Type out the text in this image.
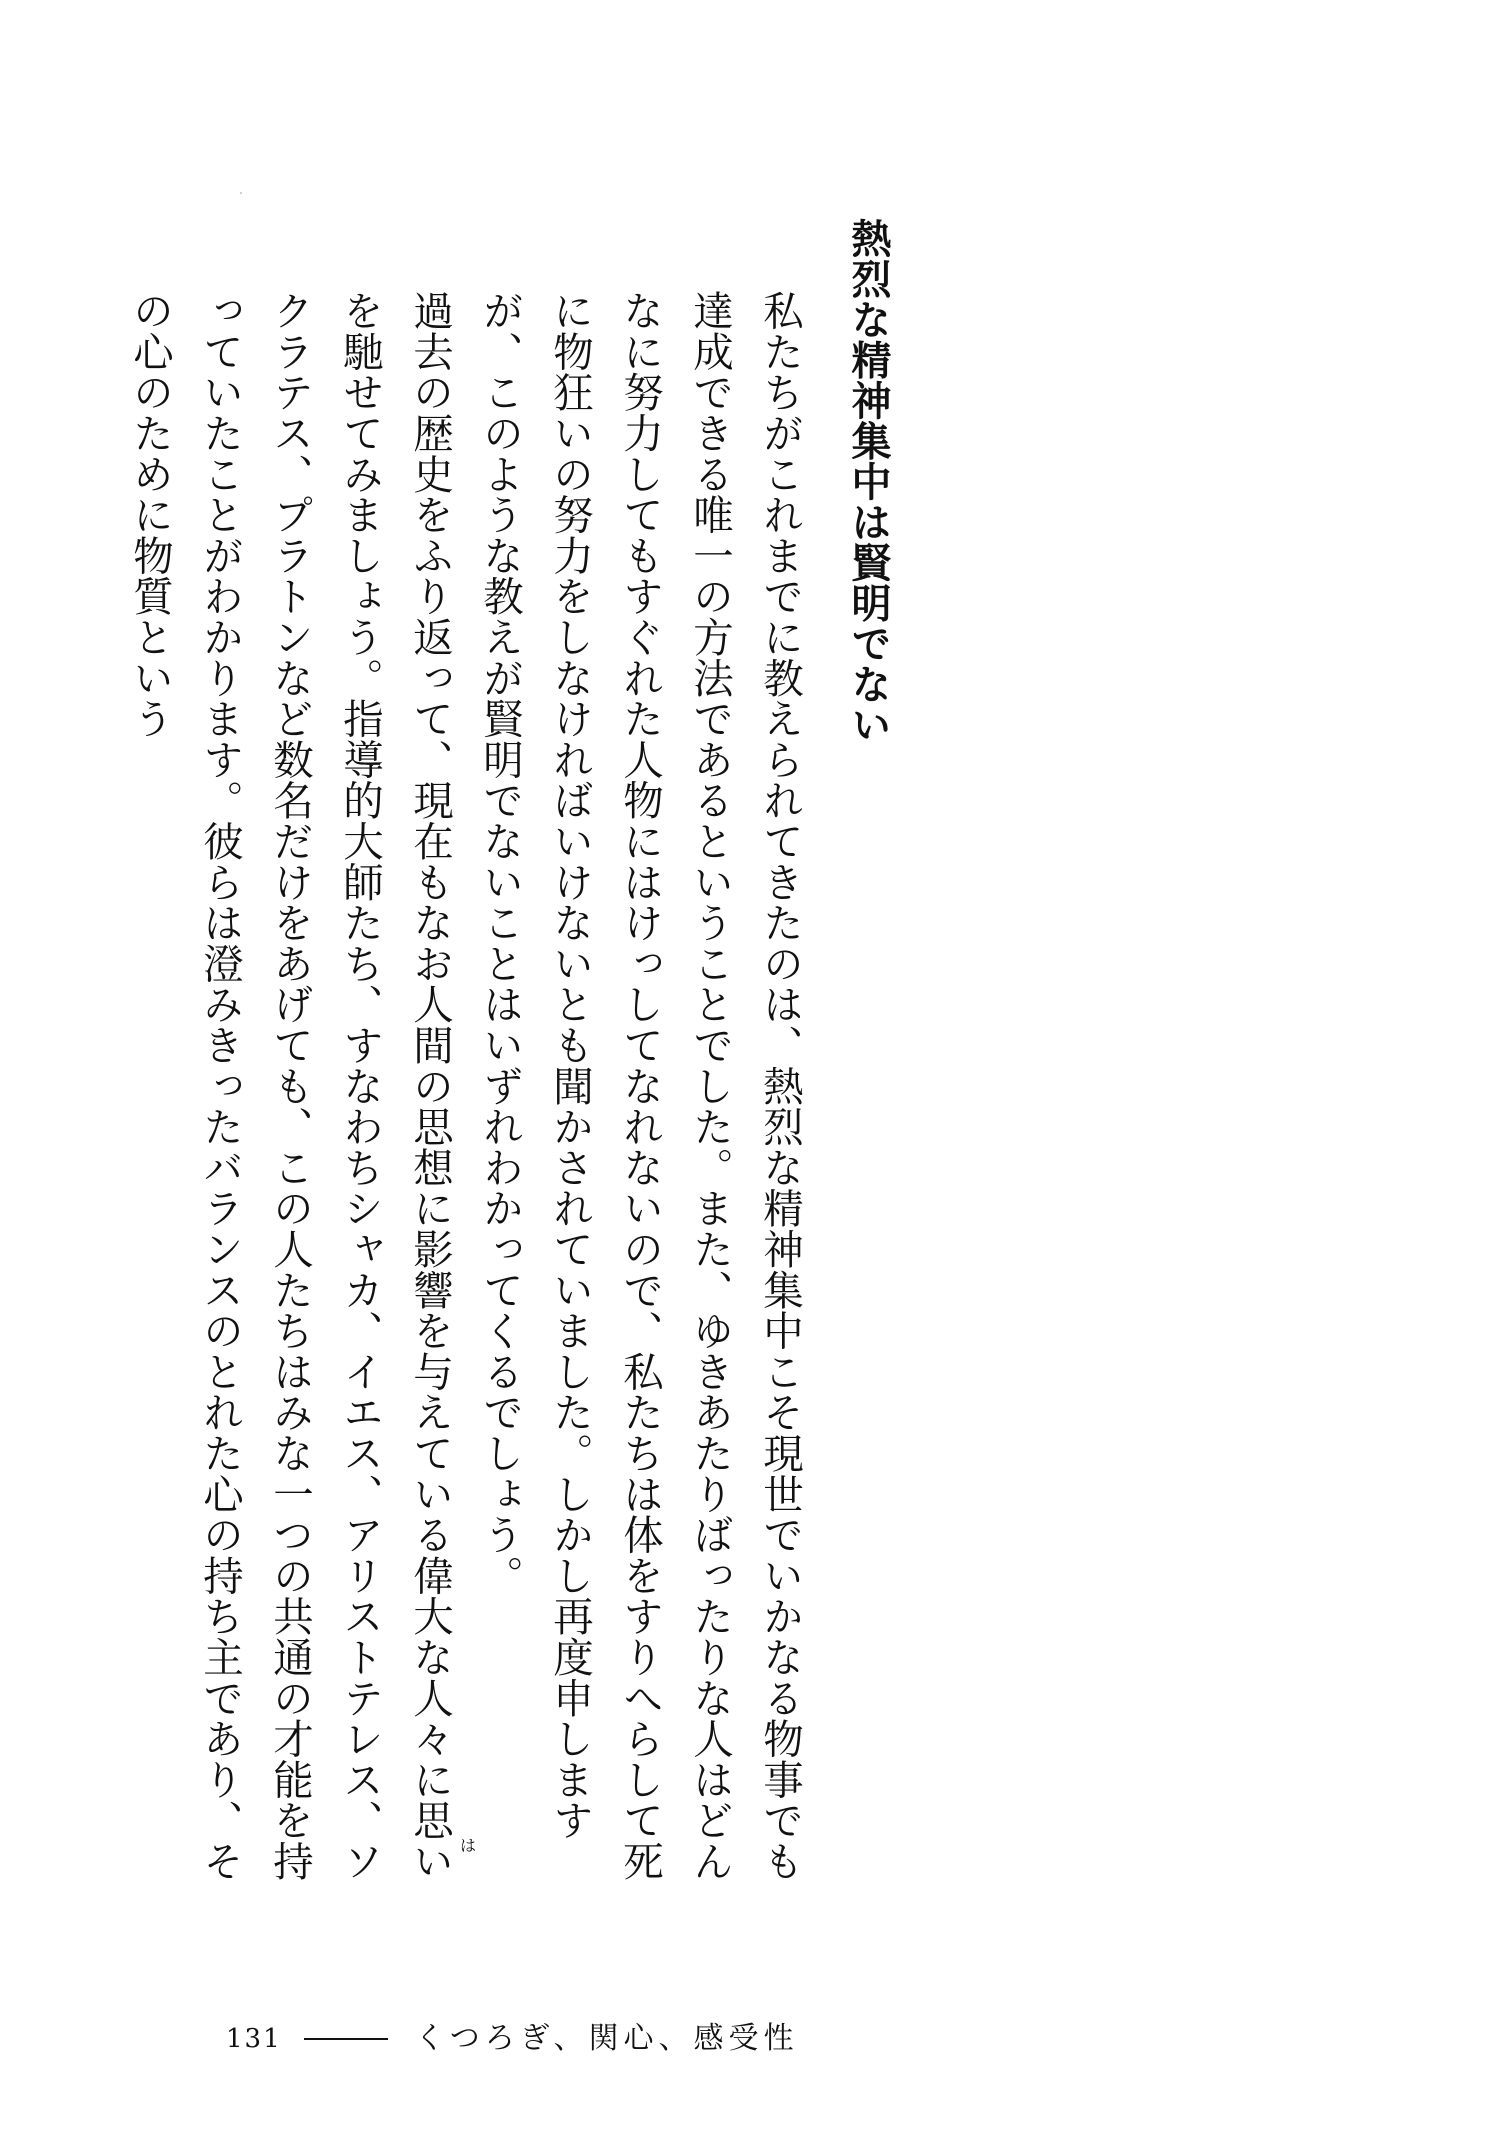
熱烈な精神集中は賢明でない

私たちがこれまでに教えられてきたのは、熱烈な精神集中こそ現世でいかなる物事でも達成できる唯一の方法であるということでした。また、ゆきあたりばったりな人はどんなに努力してもすぐれた人物にはけっしてなれないので、私たちは体をすりへらして死に物狂いの努力をしなければいけないとも聞かされていました。しかし再度申しますが、このような教えが賢明でないことはいずれわかってくるでしょう。

過去の歴史をふり返って、現在もなお人間の思想に影響を与えている偉大な人々に思いを馳せてみましょう。指導的大師たち、すなわちシャカ、イエス、アリストテレス、ソクラテス、プラトンなど数名だけをあげても、この人たちはみな一つの共通の才能を持っていたことがわかります。彼らは澄みきったバランスのとれた心の持ち主であり、その心のために物質という

は
131	くつろぎ、関心、感受性
